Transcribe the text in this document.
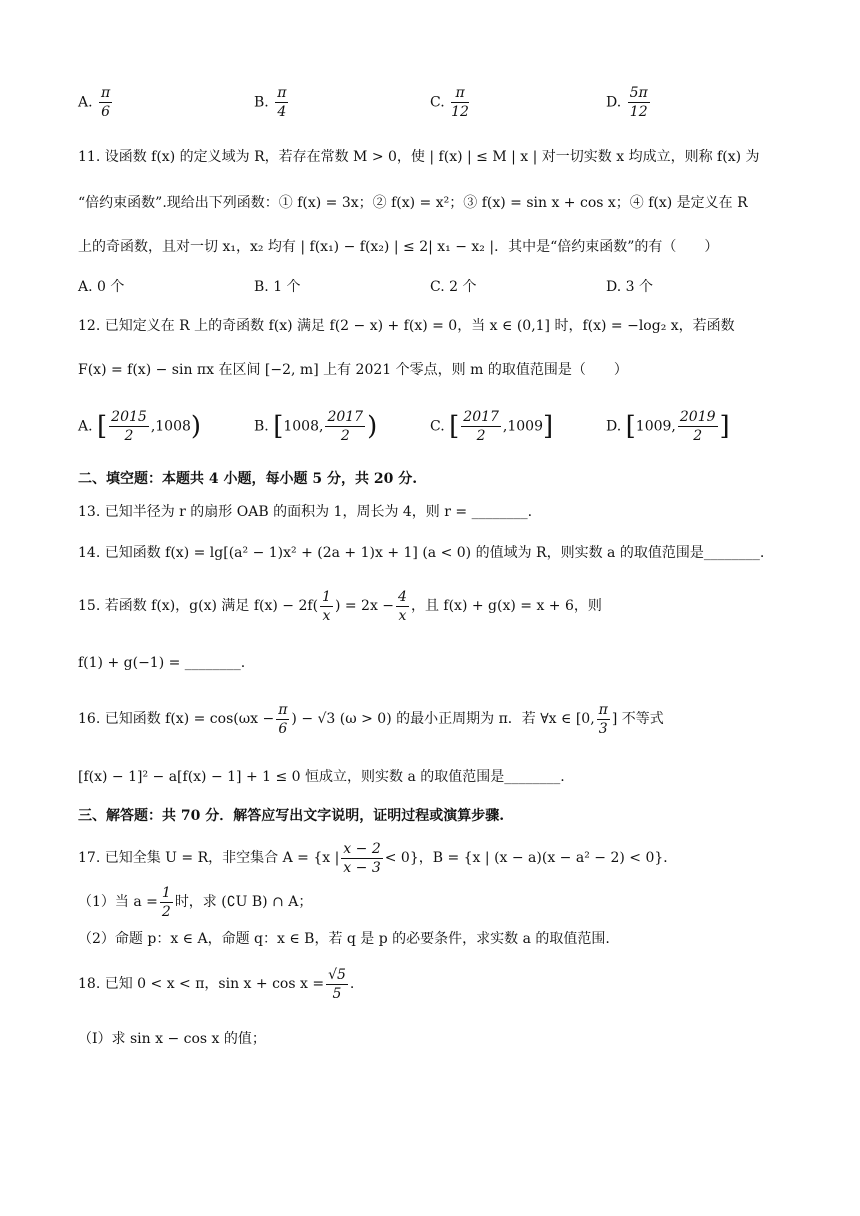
A. $\frac{\pi}{6}$	B. $\frac{\pi}{4}$	C. $\frac{\pi}{12}$	D. $\frac{5\pi}{12}$
11. 设函数 f(x) 的定义域为 R，若存在常数 M > 0，使 | f(x) | ≤ M | x | 对一切实数 x 均成立，则称 f(x) 为
“倍约束函数”.现给出下列函数：① f(x) = 3x；② f(x) = x²；③ f(x) = sin x + cos x；④ f(x) 是定义在 R
上的奇函数，且对一切 x₁，x₂ 均有 | f(x₁) − f(x₂) | ≤ 2| x₁ − x₂ |．其中是“倍约束函数”的有（　　）
A. 0 个	B. 1 个	C. 2 个	D. 3 个
12. 已知定义在 R 上的奇函数 f(x) 满足 f(2 − x) + f(x) = 0，当 x ∈ (0,1] 时，f(x) = −log₂ x，若函数
F(x) = f(x) − sin πx 在区间 [−2, m] 上有 2021 个零点，则 m 的取值范围是（　　）
A. [ $\frac{2015}{2} ,1008$)	B. [1008, $\frac{2017}{2}$ )	C. [ $\frac{2017}{2} ,1009$]	D. [1009, $\frac{2019}{2}$ ]
二、填空题：本题共 4 小题，每小题 5 分，共 20 分.
13. 已知半径为 r 的扇形 OAB 的面积为 1，周长为 4，则 r = ________.
14. 已知函数 f(x) = lg[(a² − 1)x² + (2a + 1)x + 1] (a < 0) 的值域为 R，则实数 a 的取值范围是________.
15. 若函数 f(x)，g(x) 满足 $f(x) - 2f( \frac{1}{x}$ ) = $2x - \frac{4}{x}$ ，且 f(x) + g(x) = x + 6，则
f(1) + g(−1) = ________.
16. 已知函数 $f(x) = \cos(\omega x - \frac{\pi}{6}$ ) − √3 (ω > 0) 的最小正周期为 π．若 ∀x ∈ [0, $\frac{\pi}{3}$ ] 不等式
[f(x) − 1]² − a[f(x) − 1] + 1 ≤ 0 恒成立，则实数 a 的取值范围是________.
三、解答题：共 70 分．解答应写出文字说明，证明过程或演算步骤.
17. 已知全集 U = R，非空集合 A = {x | $\frac{x - 2}{x - 3} < 0$}，B = {x | (x − a)(x − a² − 2) < 0}．
（1）当 $a = \frac{1}{2}$ 时，求 (∁U B) ∩ A；
（2）命题 p：x ∈ A，命题 q：x ∈ B，若 q 是 p 的必要条件，求实数 a 的取值范围.
18. 已知 0 < x < π，$\sin x + \cos x = \frac{√5}{5}$ .
（Ⅰ）求 sin x − cos x 的值；
